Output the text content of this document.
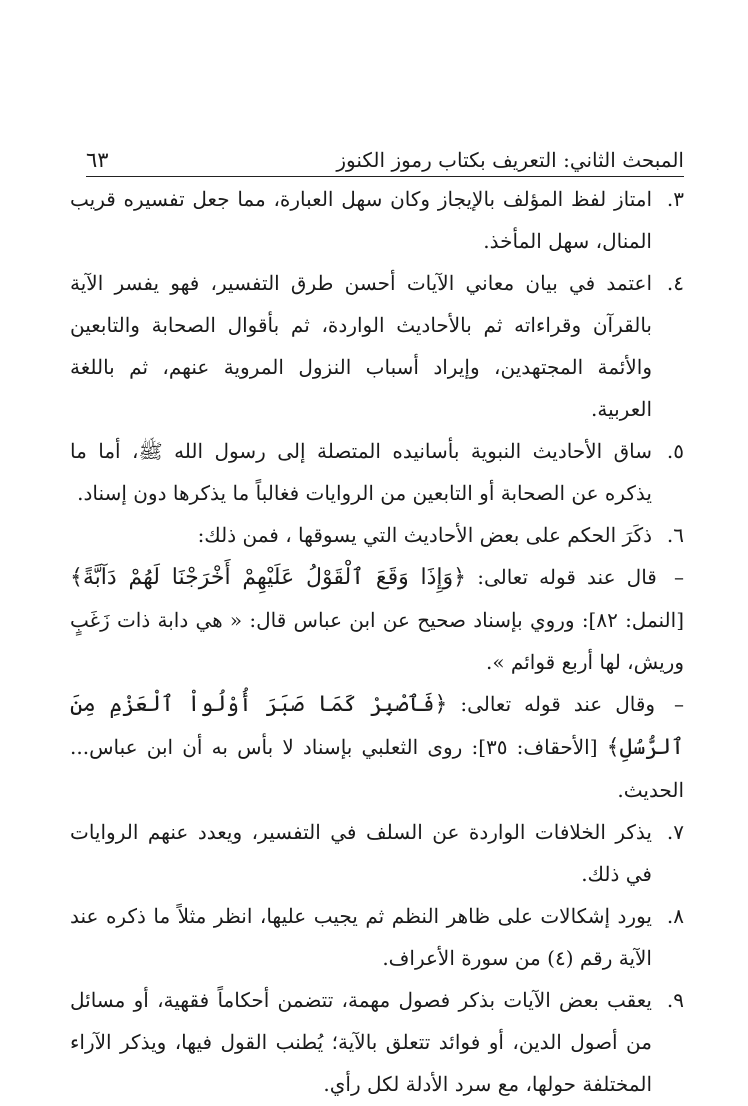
المبحث الثاني: التعريف بكتاب رموز الكنوز
٦٣
٣.
امتاز لفظ المؤلف بالإيجاز وكان سهل العبارة، مما جعل تفسيره قريب المنال، سهل المأخذ.
٤.
اعتمد في بيان معاني الآيات أحسن طرق التفسير، فهو يفسر الآية بالقرآن وقراءاته ثم بالأحاديث الواردة، ثم بأقوال الصحابة والتابعين والأئمة المجتهدين، وإيراد أسباب النزول المروية عنهم، ثم باللغة العربية.
٥.
ساق الأحاديث النبوية بأسانيده المتصلة إلى رسول الله ﷺ، أما ما يذكره عن الصحابة أو التابعين من الروايات فغالباً ما يذكرها دون إسناد.
٦.
ذكَرَ الحكم على بعض الأحاديث التي يسوقها ، فمن ذلك:
– قال عند قوله تعالى: ﴿وَإِذَا وَقَعَ ٱلْقَوْلُ عَلَيْهِمْ أَخْرَجْنَا لَهُمْ دَآبَّةً﴾ [النمل: ٨٢]: وروي بإسناد صحيح عن ابن عباس قال: « هي دابة ذات زَغَبٍ وريش، لها أربع قوائم ».
– وقال عند قوله تعالى: ﴿فَٱصْبِرْ كَمَا صَبَرَ أُوْلُواْ ٱلْعَزْمِ مِنَ ٱلرُّسُلِ﴾ [الأحقاف: ٣٥]: روى الثعلبي بإسناد لا بأس به أن ابن عباس... الحديث.
٧.
يذكر الخلافات الواردة عن السلف في التفسير، ويعدد عنهم الروايات في ذلك.
٨.
يورد إشكالات على ظاهر النظم ثم يجيب عليها، انظر مثلاً ما ذكره عند الآية رقم (٤) من سورة الأعراف.
٩.
يعقب بعض الآيات بذكر فصول مهمة، تتضمن أحكاماً فقهية، أو مسائل من أصول الدين، أو فوائد تتعلق بالآية؛ يُطنب القول فيها، ويذكر الآراء المختلفة حولها، مع سرد الأدلة لكل رأي.
